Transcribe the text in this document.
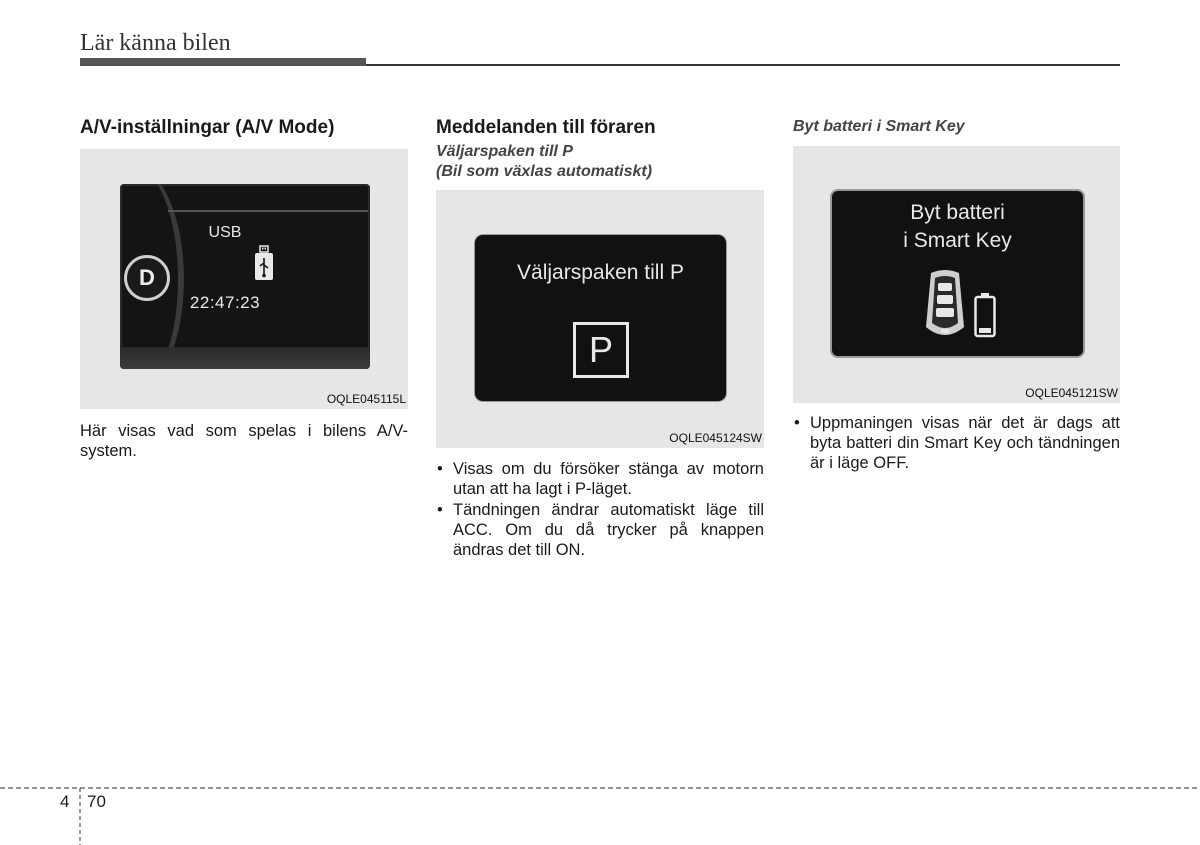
Lär känna bilen
A/V-inställningar (A/V Mode)
USB
22:47:23
D
OQLE045115L

Här visas vad som spelas i bilens A/V-system.

Meddelanden till föraren

Väljarspaken till P

(Bil som växlas automatiskt)

Väljarspaken till P
P
OQLE045124SW
• Visas om du försöker stänga av motorn utan att ha lagt i P-läget.
• Tändningen ändrar automatiskt läge till ACC. Om du då trycker på knappen ändras det till ON.

Byt batteri i Smart Key

Byt batteri
i Smart Key
OQLE045121SW
• Uppmaningen visas när det är dags att byta batteri din Smart Key och tändningen är i läge OFF.
4 70
